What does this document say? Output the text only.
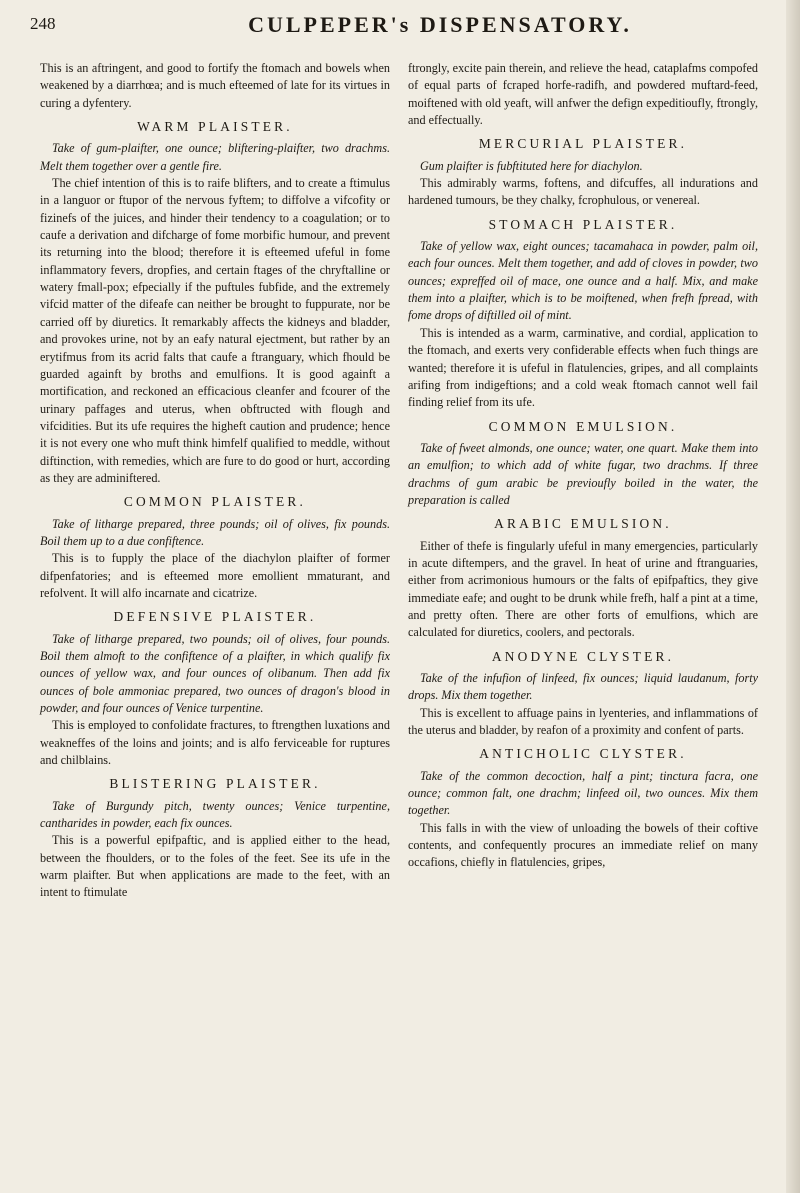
248	CULPEPER's DISPENSATORY.

This is an aftringent, and good to fortify the ftomach and bowels when weakened by a diarrhœa; and is much efteemed of late for its virtues in curing a dyfentery.

WARM PLAISTER.

Take of gum-plaifter, one ounce; bliftering-plaifter, two drachms. Melt them together over a gentle fire.

The chief intention of this is to raife blifters, and to create a ftimulus in a languor or ftupor of the nervous fyftem; to diffolve a vifcofity or fizinefs of the juices, and hinder their tendency to a coagulation; or to caufe a derivation and difcharge of fome morbific humour, and prevent its returning into the blood; therefore it is efteemed ufeful in fome inflammatory fevers, dropfies, and certain ftages of the chryftalline or watery fmall-pox; efpecially if the puftules fubfide, and the extremely vifcid matter of the difeafe can neither be brought to fuppurate, nor be carried off by diuretics. It remarkably affects the kidneys and bladder, and provokes urine, not by an eafy natural ejectment, but rather by an erytifmus from its acrid falts that caufe a ftranguary, which fhould be guarded againft by broths and emulfions. It is good againft a mortification, and reckoned an efficacious cleanfer and fcourer of the urinary paffages and uterus, when obftructed with flough and vifcidities. But its ufe requires the higheft caution and prudence; hence it is not every one who muft think himfelf qualified to meddle, without diftinction, with remedies, which are fure to do good or hurt, according as they are adminiftered.

COMMON PLAISTER.

Take of litharge prepared, three pounds; oil of olives, fix pounds. Boil them up to a due confiftence.

This is to fupply the place of the diachylon plaifter of former difpenfatories; and is efteemed more emollient mmaturant, and refolvent. It will alfo incarnate and cicatrize.

DEFENSIVE PLAISTER.

Take of litharge prepared, two pounds; oil of olives, four pounds. Boil them almoft to the confiftence of a plaifter, in which qualify fix ounces of yellow wax, and four ounces of olibanum. Then add fix ounces of bole ammoniac prepared, two ounces of dragon's blood in powder, and four ounces of Venice turpentine.

This is employed to confolidate fractures, to ftrengthen luxations and weakneffes of the loins and joints; and is alfo ferviceable for ruptures and chilblains.

BLISTERING PLAISTER.

Take of Burgundy pitch, twenty ounces; Venice turpentine, cantharides in powder, each fix ounces.

This is a powerful epifpaftic, and is applied either to the head, between the fhoulders, or to the foles of the feet. See its ufe in the warm plaifter. But when applications are made to the feet, with an intent to ftimulate

ftrongly, excite pain therein, and relieve the head, cataplafms compofed of equal parts of fcraped horfe-radifh, and powdered muftard-feed, moiftened with old yeaft, will anfwer the defign expeditioufly, ftrongly, and effectually.

MERCURIAL PLAISTER.

Gum plaifter is fubftituted here for diachylon.

This admirably warms, foftens, and difcuffes, all indurations and hardened tumours, be they chalky, fcrophulous, or venereal.

STOMACH PLAISTER.

Take of yellow wax, eight ounces; tacamahaca in powder, palm oil, each four ounces. Melt them together, and add of cloves in powder, two ounces; expreffed oil of mace, one ounce and a half. Mix, and make them into a plaifter, which is to be moiftened, when frefh fpread, with fome drops of diftilled oil of mint.

This is intended as a warm, carminative, and cordial, application to the ftomach, and exerts very confiderable effects when fuch things are wanted; therefore it is ufeful in flatulencies, gripes, and all complaints arifing from indigeftions; and a cold weak ftomach cannot well fail finding relief from its ufe.

COMMON EMULSION.

Take of fweet almonds, one ounce; water, one quart. Make them into an emulfion; to which add of white fugar, two drachms. If three drachms of gum arabic be previoufly boiled in the water, the preparation is called

ARABIC EMULSION.

Either of thefe is fingularly ufeful in many emergencies, particularly in acute diftempers, and the gravel. In heat of urine and ftranguaries, either from acrimonious humours or the falts of epifpaftics, they give immediate eafe; and ought to be drunk while frefh, half a pint at a time, and pretty often. There are other forts of emulfions, which are calculated for diuretics, coolers, and pectorals.

ANODYNE CLYSTER.

Take of the infufion of linfeed, fix ounces; liquid laudanum, forty drops. Mix them together.

This is excellent to affuage pains in lyenteries, and inflammations of the uterus and bladder, by reafon of a proximity and confent of parts.

ANTICHOLIC CLYSTER.

Take of the common decoction, half a pint; tinctura facra, one ounce; common falt, one drachm; linfeed oil, two ounces. Mix them together.

This falls in with the view of unloading the bowels of their coftive contents, and confequently procures an immediate relief on many occafions, chiefly in flatulencies, gripes,
